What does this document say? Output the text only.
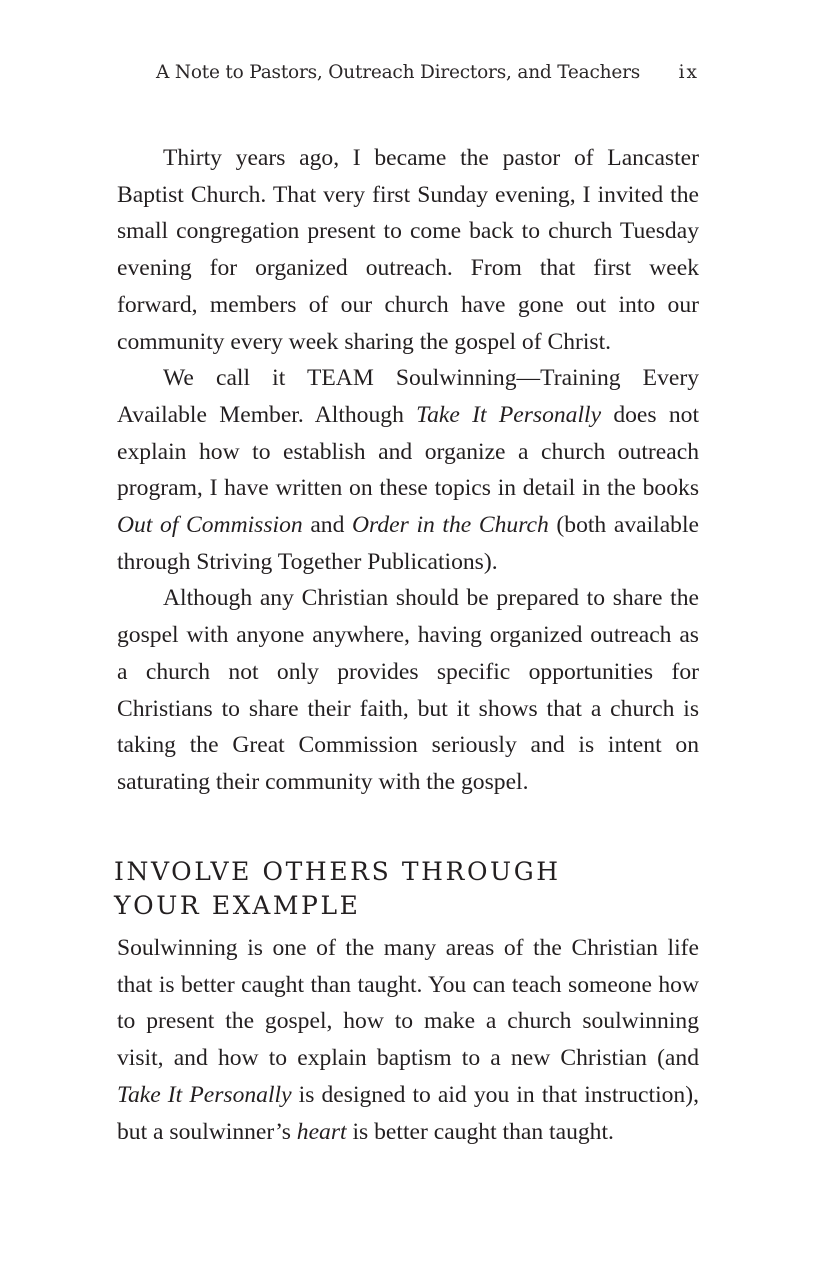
A Note to Pastors, Outreach Directors, and Teachers ix

Thirty years ago, I became the pastor of Lancaster Baptist Church. That very first Sunday evening, I invited the small congregation present to come back to church Tuesday evening for organized outreach. From that first week forward, members of our church have gone out into our community every week sharing the gospel of Christ.

We call it TEAM Soulwinning—Training Every Available Member. Although Take It Personally does not explain how to establish and organize a church outreach program, I have written on these topics in detail in the books Out of Commission and Order in the Church (both available through Striving Together Publications).

Although any Christian should be prepared to share the gospel with anyone anywhere, having organized outreach as a church not only provides specific opportunities for Christians to share their faith, but it shows that a church is taking the Great Commission seriously and is intent on saturating their community with the gospel.

INVOLVE OTHERS THROUGH
YOUR EXAMPLE

Soulwinning is one of the many areas of the Christian life that is better caught than taught. You can teach someone how to present the gospel, how to make a church soulwinning visit, and how to explain baptism to a new Christian (and Take It Personally is designed to aid you in that instruction), but a soulwinner’s heart is better caught than taught.
